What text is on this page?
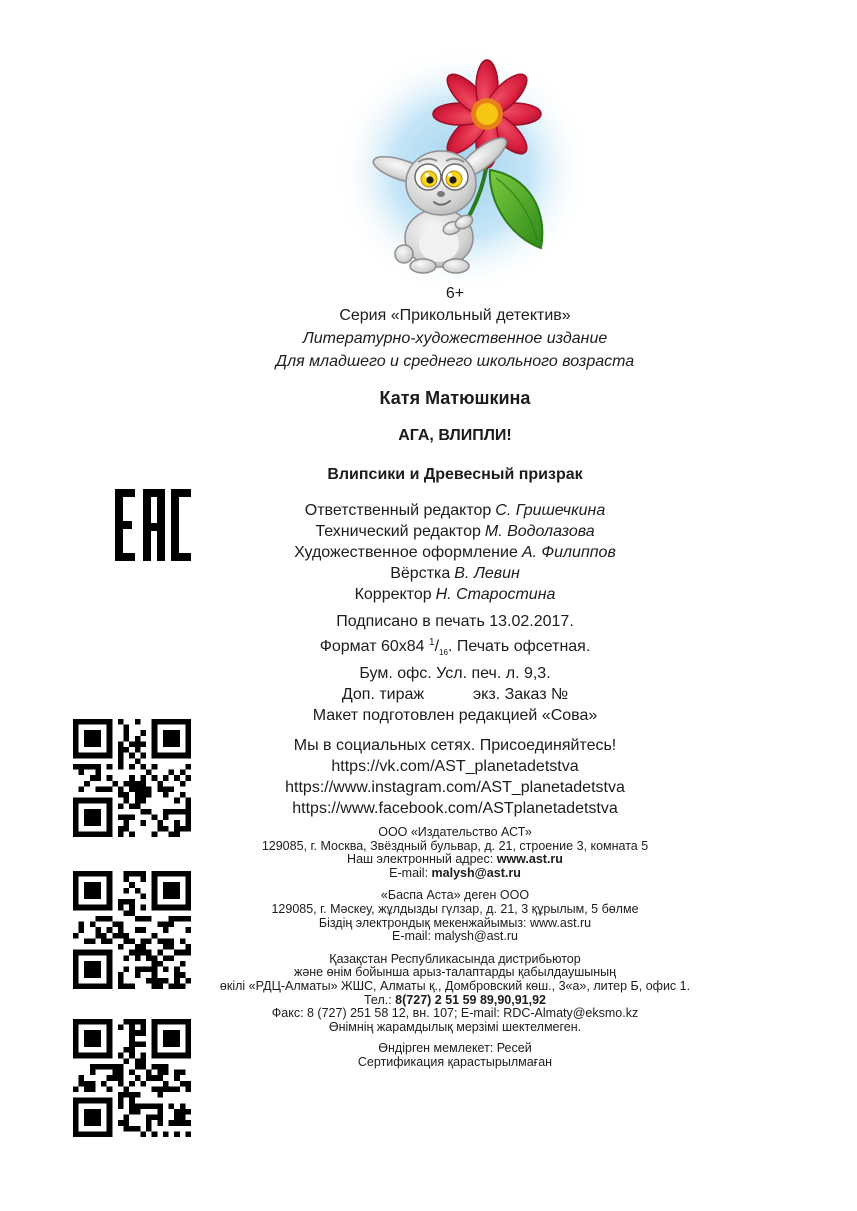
6+
Серия «Прикольный детектив»
Литературно-художественное издание
Для младшего и среднего школьного возраста
Катя Матюшкина
АГА, ВЛИПЛИ!
Влипсики и Древесный призрак
Ответственный редактор С. Гришечкина
Технический редактор М. Водолазова
Художественное оформление А. Филиппов
Вёрстка В. Левин
Корректор Н. Старостина
Подписано в печать 13.02.2017.
Формат 60х84 $^1/_{16}$. Печать офсетная.
Бум. офс. Усл. печ. л. 9,3.
Доп. тираж           экз. Заказ №
Макет подготовлен редакцией «Сова»
Мы в социальных сетях. Присоединяйтесь!
https://vk.com/AST_planetadetstva
https://www.instagram.com/AST_planetadetstva
https://www.facebook.com/ASTplanetadetstva
ООО «Издательство АСТ»
129085, г. Москва, Звёздный бульвар, д. 21, строение 3, комната 5
Наш электронный адрес: www.ast.ru
E-mail: malysh@ast.ru
«Баспа Аста» деген ООО
129085, г. Мәскеу, жұлдызды гүлзар, д. 21, 3 құрылым, 5 бөлме
Біздің электрондық мекенжайымыз: www.ast.ru
E-mail: malysh@ast.ru
Қазақстан Республикасында дистрибьютор
және өнім бойынша арыз-талаптарды қабылдаушының
өкілі «РДЦ-Алматы» ЖШС, Алматы қ., Домбровский көш., 3«а», литер Б, офис 1.
Тел.: 8(727) 2 51 59 89,90,91,92
Факс: 8 (727) 251 58 12, вн. 107; E-mail: RDC-Almaty@eksmo.kz
Өнімнің жарамдылық мерзімі шектелмеген.
Өндірген мемлекет: Ресей
Сертификация қарастырылмаған
